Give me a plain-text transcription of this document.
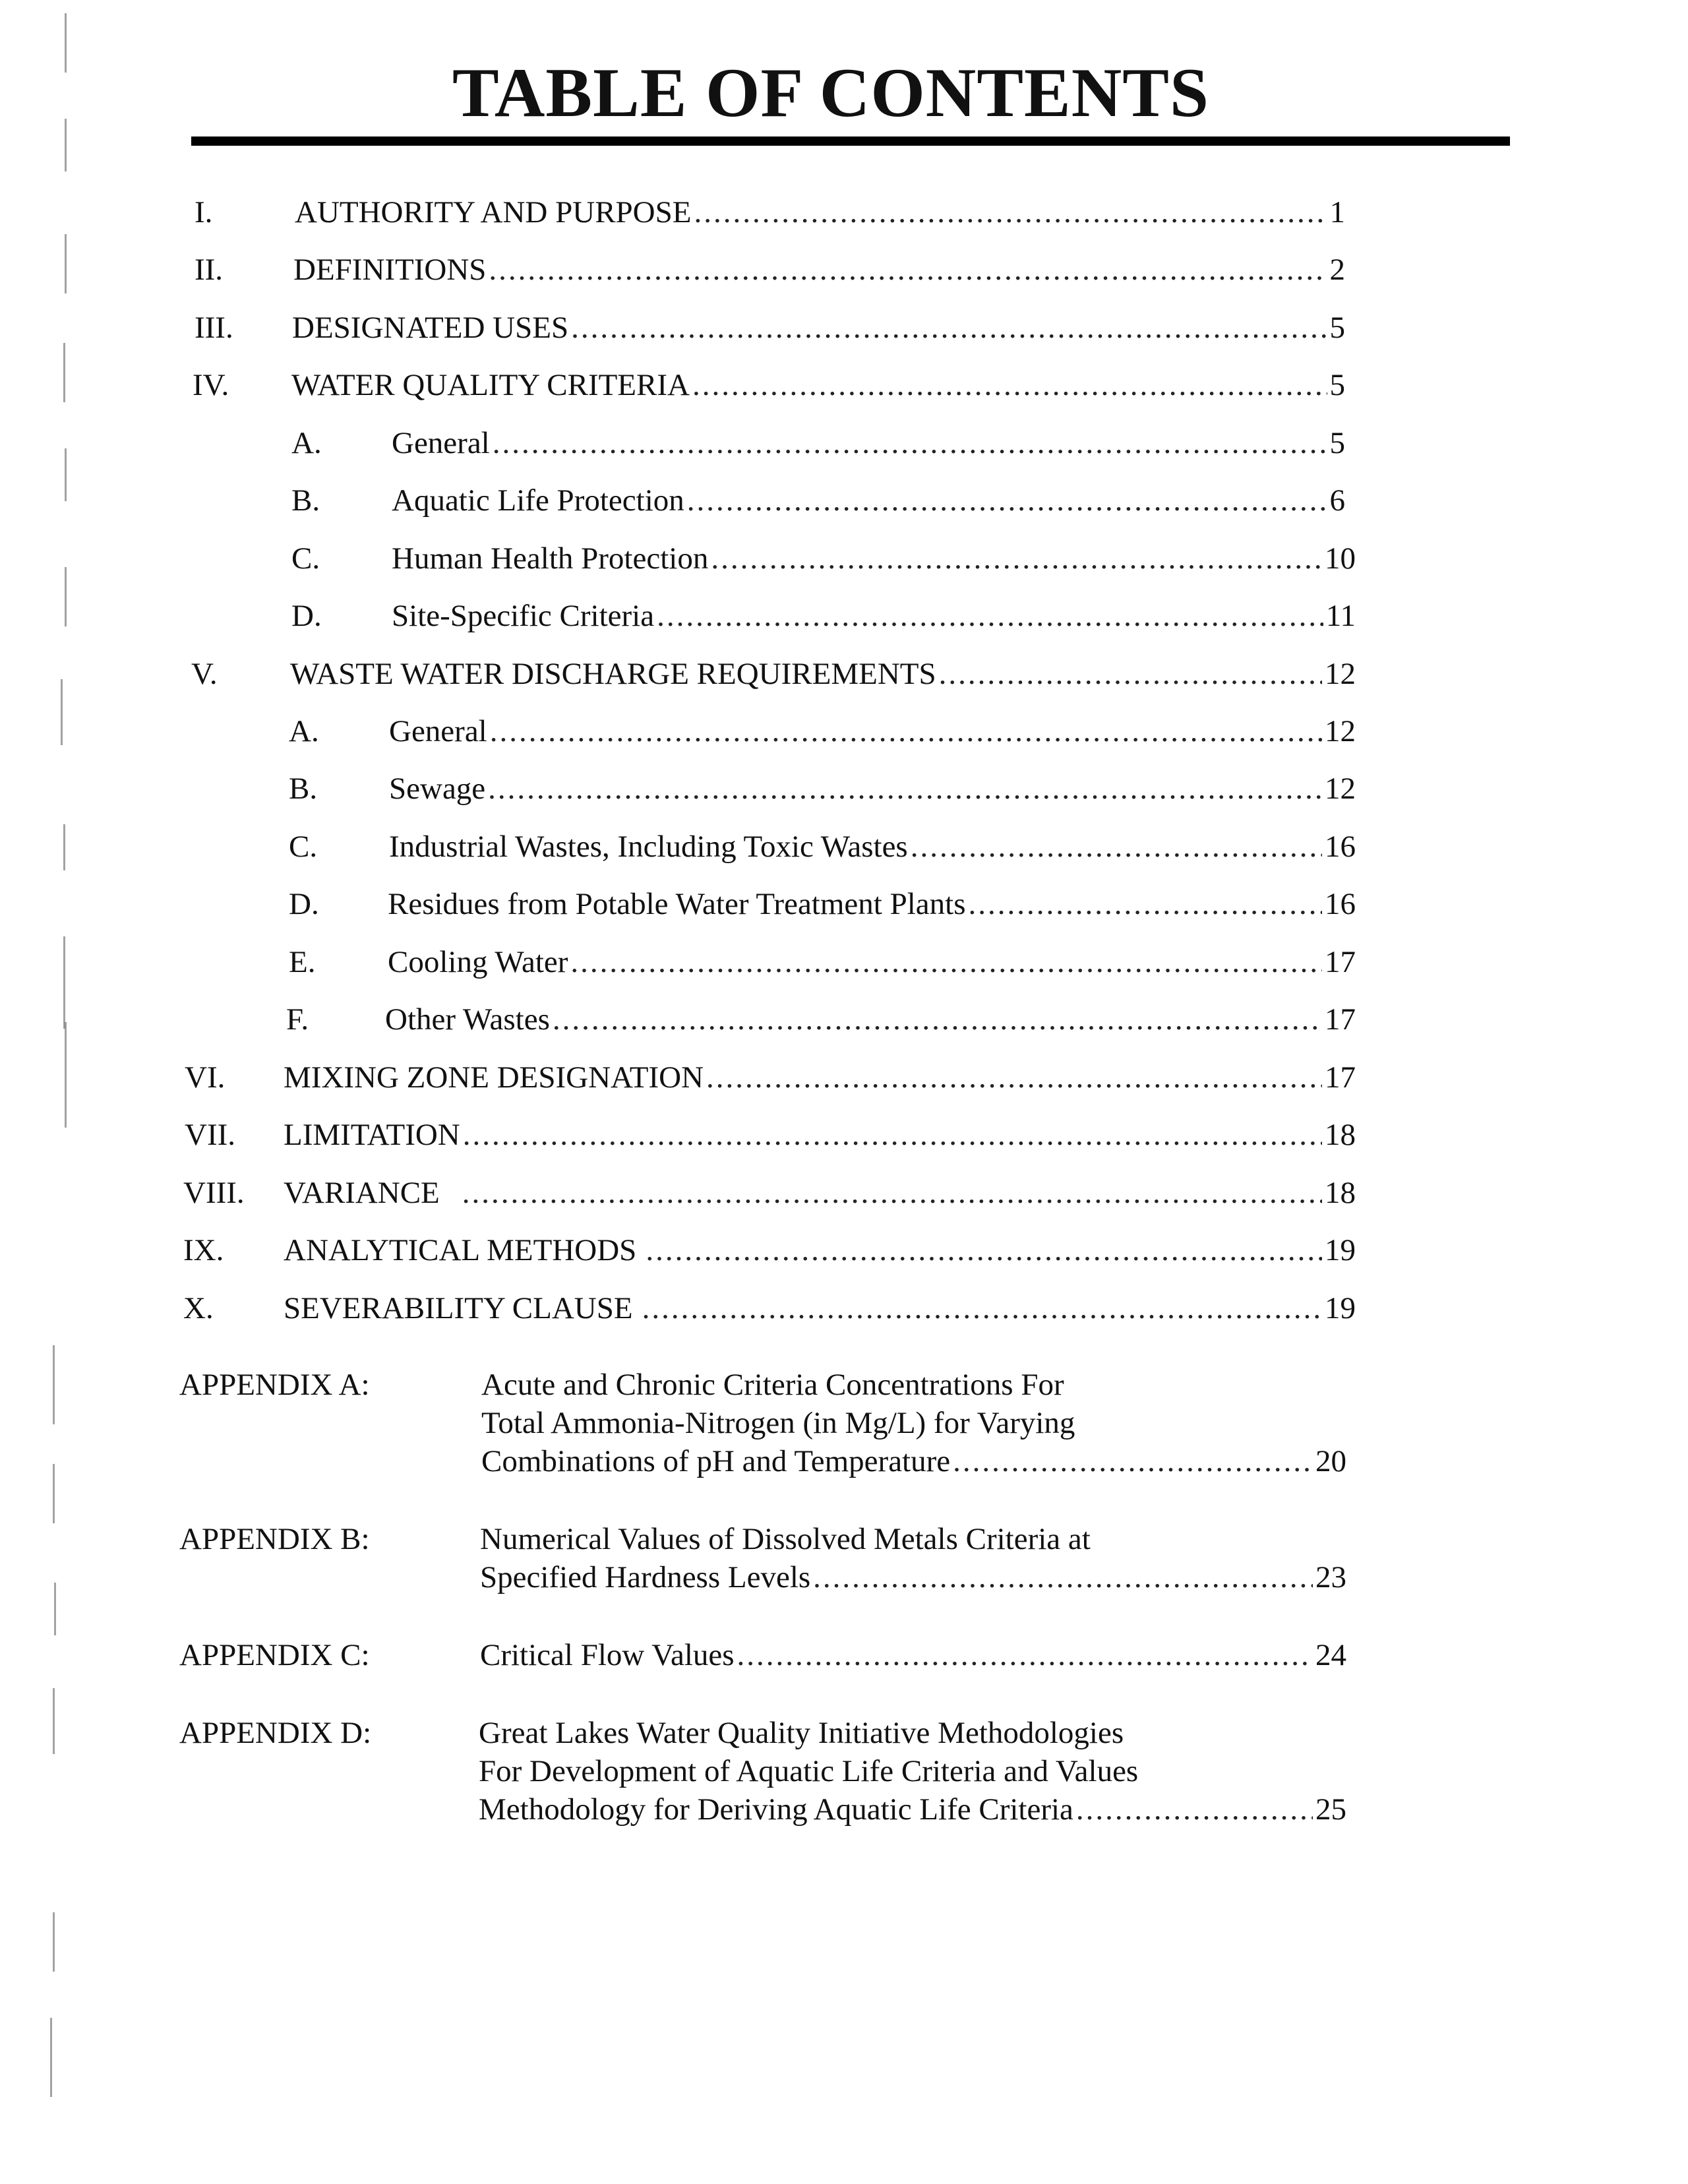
TABLE OF CONTENTS
I.	AUTHORITY AND PURPOSE .....	1
II. DEFINITIONS .....	2
III. DESIGNATED USES .....	5
IV. WATER QUALITY CRITERIA .....	5
A. General .....	5
B. Aquatic Life Protection .....	6
C. Human Health Protection .....	10
D. Site-Specific Criteria .....	11
V. WASTE WATER DISCHARGE REQUIREMENTS .....	12
A. General .....	12
B. Sewage .....	12
C. Industrial Wastes, Including Toxic Wastes .....	16
D. Residues from Potable Water Treatment Plants .....	16
E. Cooling Water .....	17
F. Other Wastes .....	17
VI. MIXING ZONE DESIGNATION .....	17
VII. LIMITATION .....	18
VIII. VARIANCE .....	18
IX. ANALYTICAL METHODS .....	19
X. SEVERABILITY CLAUSE .....	19
APPENDIX A:	Acute and Chronic Criteria Concentrations For
Total Ammonia-Nitrogen (in Mg/L) for Varying
Combinations of pH and Temperature .....	20
APPENDIX B:	Numerical Values of Dissolved Metals Criteria at
Specified Hardness Levels .....	23
APPENDIX C:	Critical Flow Values .....	24
APPENDIX D:	Great Lakes Water Quality Initiative Methodologies
For Development of Aquatic Life Criteria and Values
Methodology for Deriving Aquatic Life Criteria .....	25
